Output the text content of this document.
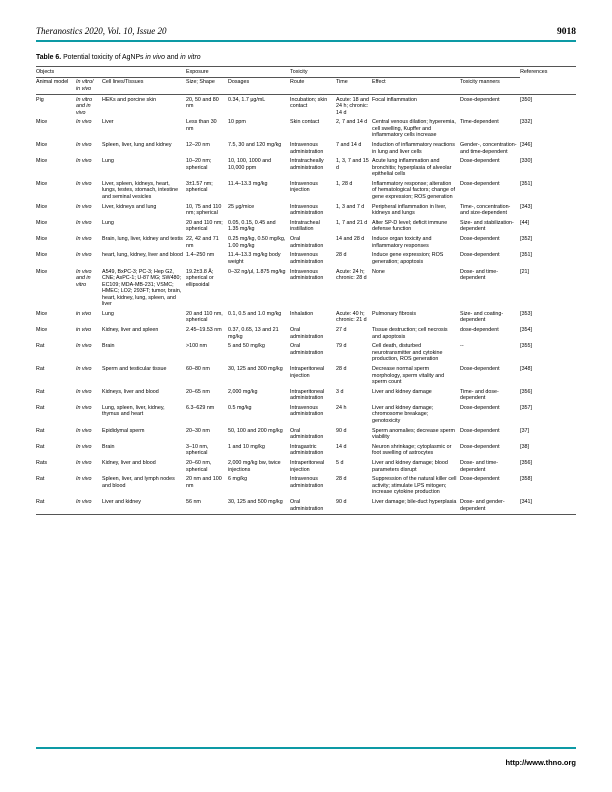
Theranostics 2020, Vol. 10, Issue 20	9018

Table 6. Potential toxicity of AgNPs in vivo and in vitro

Objects			Exposure		Toxicity				References
Animal model	In vitro/ in vivo	Cell lines/Tissues	Size; Shape	Dosages	Route	Time	Effect	Toxicity manners	
Pig	In vitro and in vivo	HEKs and porcine skin	20, 50 and 80 nm	0.34, 1.7 μg/mL	Incubation; skin contact	Acute: 18 and 24 h; chronic: 14 d	Focal inflammation	Dose-dependent	[350]
Mice	In vivo	Liver	Less than 30 nm	10 ppm	Skin contact	2, 7 and 14 d	Central venous dilation; hyperemia, cell swelling, Kupffer and inflammatory cells increase	Time-dependent	[332]
Mice	In vivo	Spleen, liver, lung and kidney	12–20 nm	7.5, 30 and 120 mg/kg	Intravenous administration	7 and 14 d	Induction of inflammatory reactions in lung and liver cells	Gender-, concentration- and time-dependent	[346]
Mice	In vivo	Lung	10–20 nm; spherical	10, 100, 1000 and 10,000 ppm	Intratracheally administration	1, 3, 7 and 15 d	Acute lung inflammation and bronchitis; hyperplasia of alveolar epithelial cells	Dose-dependent	[330]
Mice	In vivo	Liver, spleen, kidneys, heart, lungs, testes, stomach, intestine and seminal vesicles	3±1.57 nm; spherical	11.4–13.3 mg/kg	Intravenous injection	1, 28 d	Inflammatory response; alteration of hematological factors; change of gene expression; ROS generation	Dose-dependent	[351]
Mice	In vivo	Liver, kidneys and lung	10, 75 and 110 nm; spherical	25 μg/mice	Intravenous administration	1, 3 and 7 d	Peripheral inflammation in liver, kidneys and lungs	Time-, concentration- and size-dependent	[343]
Mice	In vivo	Lung	20 and 110 nm; spherical	0.05, 0.15, 0.45 and 1.35 mg/kg	Intratracheal instillation	1, 7 and 21 d	Alter SP-D level; deficit immune defense function	Size- and stabilization-dependent	[44]
Mice	In vivo	Brain, lung, liver, kidney and testis	22, 42 and 71 nm	0.25 mg/kg, 0.50 mg/kg, 1.00 mg/kg	Oral administration	14 and 28 d	Induce organ toxicity and inflammatory responses	Dose-dependent	[352]
Mice	In vivo	heart, lung, kidney, liver and blood	1.4–250 nm	11.4–13.3 mg/kg body weight	Intravenous administration	28 d	Induce gene expression; ROS generation; apoptosis	Dose-dependent	[351]
Mice	In vivo and in vitro	A549, BxPC-3; PC-3; Hep G2, CNE; AsPC-1; U-87 MG; SW480; EC109; MDA-MB-231; VSMC; HMEC; LO2; 293FT; tumor, brain, heart, kidney, lung, spleen, and liver	19.2±3.8 Å; spherical or ellipsoidal	0–32 ng/μl, 1.875 mg/kg	Intravenous administration	Acute: 24 h; chronic: 28 d	None	Dose- and time-dependent	[21]
Mice	in vivo	Lung	20 and 110 nm, spherical	0.1, 0.5 and 1.0 mg/kg	Inhalation	Acute: 40 h; chronic: 21 d	Pulmonary fibrosis	Size- and coating-dependent	[353]
Mice	in vivo	Kidney, liver and spleen	2.45–19.53 nm	0.37, 0.65, 13 and 21 mg/kg	Oral administration	27 d	Tissue destruction; cell necrosis and apoptosis	dose-dependent	[354]
Rat	In vivo	Brain	>100 nm	5 and 50 mg/kg	Oral administration	79 d	Cell death, disturbed neurotransmitter and cytokine production, ROS generation	--	[355]
Rat	In vivo	Sperm and testicular tissue	60–80 nm	30, 125 and 300 mg/kg	Intraperitoneal injection	28 d	Decrease normal sperm morphology, sperm vitality and sperm count	Dose-dependent	[348]
Rat	In vivo	Kidneys, liver and blood	20–65 nm	2,000 mg/kg	Intraperitoneal administration	3 d	Liver and kidney damage	Time- and dose-dependent	[356]
Rat	In vivo	Lung, spleen, liver, kidney, thymus and heart	6.3–629 nm	0.5 mg/kg	Intravenous administration	24 h	Liver and kidney damage; chromosome breakage; genotoxicity	Dose-dependent	[357]
Rat	In vivo	Epididymal sperm	20–30 nm	50, 100 and 200 mg/kg	Oral administration	90 d	Sperm anomalies; decrease sperm viability	Dose-dependent	[37]
Rat	In vivo	Brain	3–10 nm, spherical	1 and 10 mg/kg	Intragastric administration	14 d	Neuron shrinkage; cytoplasmic or foot swelling of astrocytes	Dose-dependent	[38]
Rats	In vivo	Kidney, liver and blood	20–60 nm, spherical	2,000 mg/kg bw, twice injections	Intraperitoneal injection	5 d	Liver and kidney damage; blood parameters disrupt	Dose- and time-dependent	[356]
Rat	In vivo	Spleen, liver, and lymph nodes and blood	20 nm and 100 nm	6 mg/kg	Intravenous administration	28 d	Suppression of the natural killer cell activity; stimulate LPS mitogen; increase cytokine production	Dose-dependent	[358]
Rat	In vivo	Liver and kidney	56 nm	30, 125 and 500 mg/kg	Oral administration	90 d	Liver damage; bile-duct hyperplasia	Dose- and gender-dependent	[341]
http://www.thno.org
